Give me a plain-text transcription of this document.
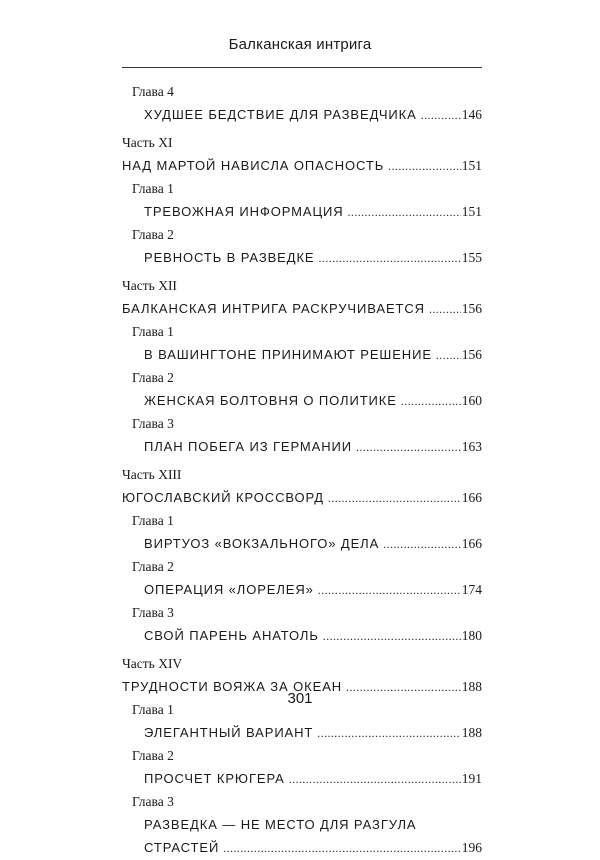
Балканская интрига
Глава 4
ХУДШЕЕ БЕДСТВИЕ ДЛЯ РАЗВЕДЧИКА .....	146
Часть XI
НАД МАРТОЙ НАВИСЛА ОПАСНОСТЬ .....	151
Глава 1
ТРЕВОЖНАЯ ИНФОРМАЦИЯ .....	151
Глава 2
РЕВНОСТЬ В РАЗВЕДКЕ .....	155
Часть XII
БАЛКАНСКАЯ ИНТРИГА РАСКРУЧИВАЕТСЯ .....	156
Глава 1
В ВАШИНГТОНЕ ПРИНИМАЮТ РЕШЕНИЕ ..... 156
Глава 2
ЖЕНСКАЯ БОЛТОВНЯ О ПОЛИТИКЕ .....	160
Глава 3
ПЛАН ПОБЕГА ИЗ ГЕРМАНИИ .....	163
Часть XIII
ЮГОСЛАВСКИЙ КРОССВОРД .....	166
Глава 1
ВИРТУОЗ «ВОКЗАЛЬНОГО» ДЕЛА .....	166
Глава 2
ОПЕРАЦИЯ «ЛОРЕЛЕЯ» .....	174
Глава 3
СВОЙ ПАРЕНЬ АНАТОЛЬ .....	180
Часть XIV
ТРУДНОСТИ ВОЯЖА ЗА ОКЕАН .....	188
Глава 1
ЭЛЕГАНТНЫЙ ВАРИАНТ .....	188
Глава 2
ПРОСЧЕТ КРЮГЕРА .....	191
Глава 3
РАЗВЕДКА — НЕ МЕСТО ДЛЯ РАЗГУЛА
СТРАСТЕЙ .....	196
301
